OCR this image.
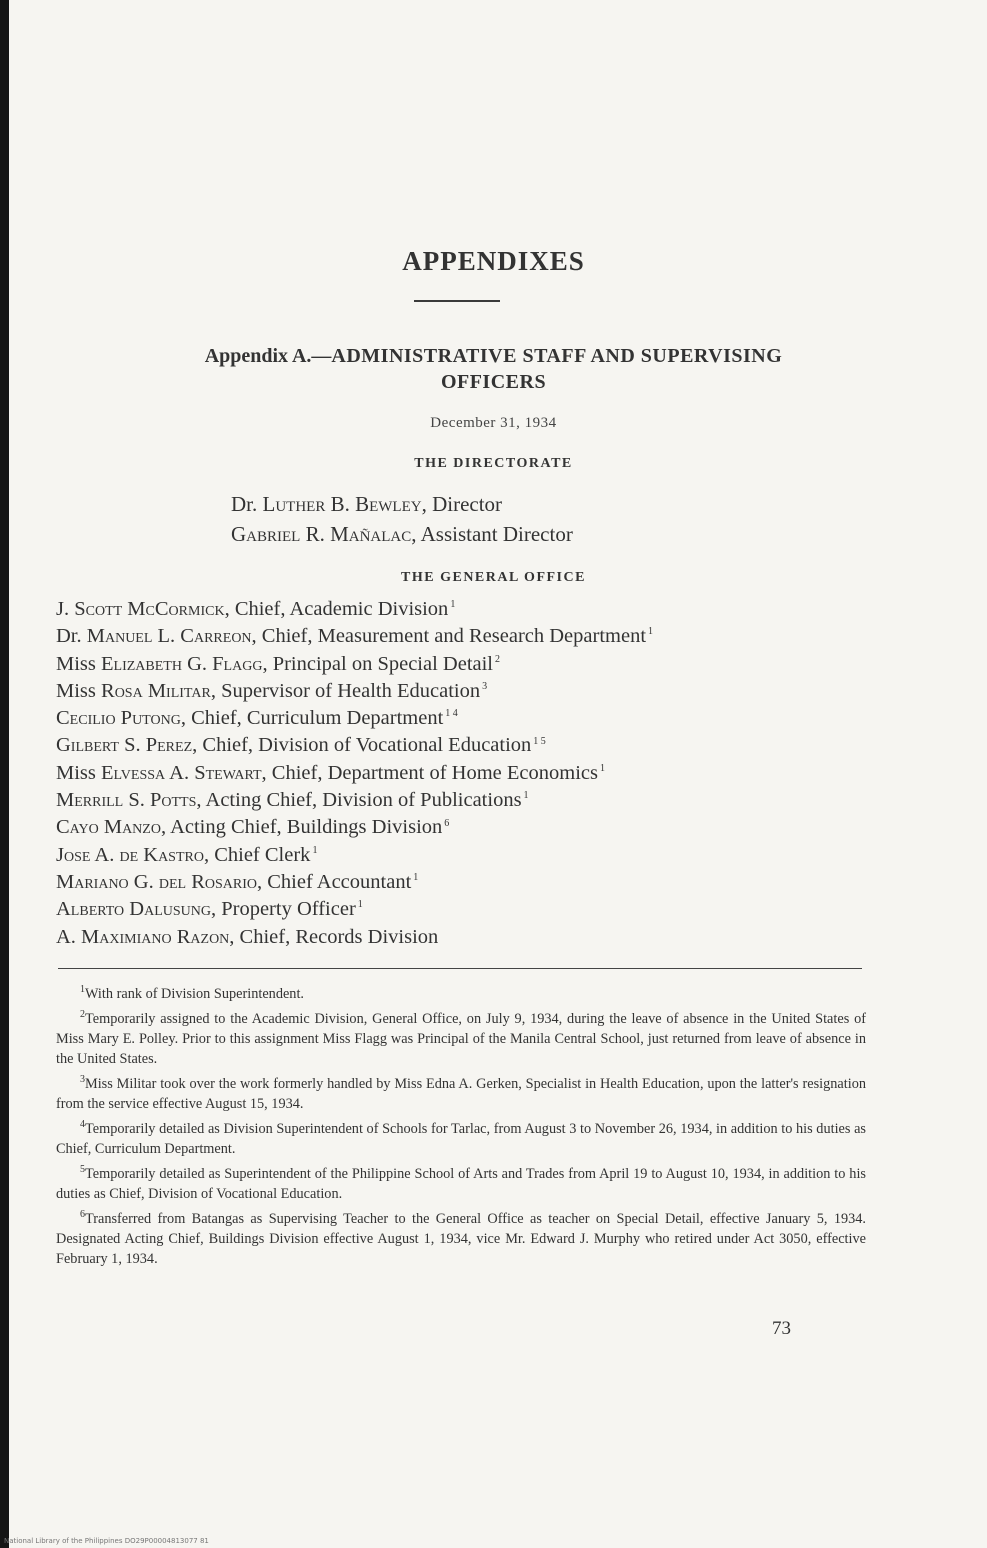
APPENDIXES
Appendix A.—ADMINISTRATIVE STAFF AND SUPERVISING
OFFICERS
December 31, 1934
THE DIRECTORATE
Dr. Luther B. Bewley, Director
Gabriel R. Mañalac, Assistant Director
THE GENERAL OFFICE
J. Scott McCormick, Chief, Academic Division $^1$
Dr. Manuel L. Carreon, Chief, Measurement and Research Department $^1$
Miss Elizabeth G. Flagg, Principal on Special Detail $^2$
Miss Rosa Militar, Supervisor of Health Education $^3$
Cecilio Putong, Chief, Curriculum Department $^{1 4}$
Gilbert S. Perez, Chief, Division of Vocational Education $^{1 5}$
Miss Elvessa A. Stewart, Chief, Department of Home Economics $^1$
Merrill S. Potts, Acting Chief, Division of Publications $^1$
Cayo Manzo, Acting Chief, Buildings Division $^6$
Jose A. de Kastro, Chief Clerk $^1$
Mariano G. del Rosario, Chief Accountant $^1$
Alberto Dalusung, Property Officer $^1$
A. Maximiano Razon, Chief, Records Division

$^1$With rank of Division Superintendent.

$^2$Temporarily assigned to the Academic Division, General Office, on July 9, 1934, during the leave of absence in the United States of Miss Mary E. Polley. Prior to this assignment Miss Flagg was Principal of the Manila Central School, just returned from leave of absence in the United States.

$^3$Miss Militar took over the work formerly handled by Miss Edna A. Gerken, Specialist in Health Education, upon the latter's resignation from the service effective August 15, 1934.

$^4$Temporarily detailed as Division Superintendent of Schools for Tarlac, from August 3 to November 26, 1934, in addition to his duties as Chief, Curriculum Department.

$^5$Temporarily detailed as Superintendent of the Philippine School of Arts and Trades from April 19 to August 10, 1934, in addition to his duties as Chief, Division of Vocational Education.

$^6$Transferred from Batangas as Supervising Teacher to the General Office as teacher on Special Detail, effective January 5, 1934. Designated Acting Chief, Buildings Division effective August 1, 1934, vice Mr. Edward J. Murphy who retired under Act 3050, effective February 1, 1934.

73
National Library of the Philippines DO29P00004813077 81
